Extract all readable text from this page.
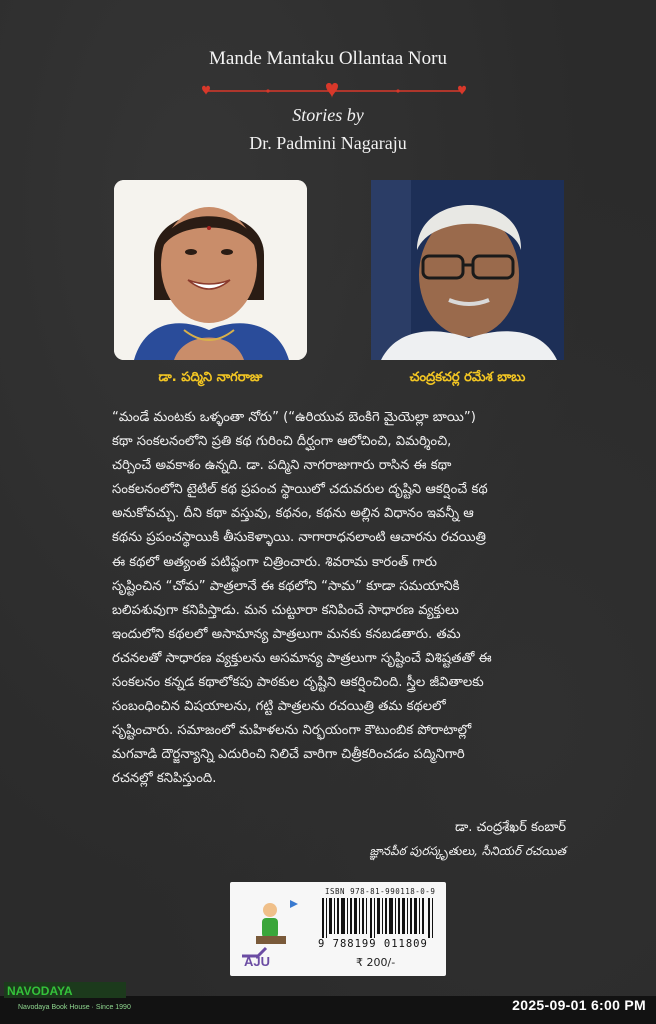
Mande Mantaku Ollantaa Noru
Stories by
Dr. Padmini Nagaraju
డా. పద్మిని నాగరాజు	చంద్రకచర్ల రమేశ బాబు
“మండే మంటకు ఒళ్ళంతా నోరు” (“ఉరియువ బెంకిగె మైయెల్లా బాయి”)
కథా సంకలనంలోని ప్రతి కథ గురించి దీర్ఘంగా ఆలోచించి, విమర్శించి,
చర్చించే అవకాశం ఉన్నది. డా. పద్మిని నాగరాజుగారు రాసిన ఈ కథా
సంకలనంలోని టైటిల్ కథ ప్రపంచ స్థాయిలో చదువరుల దృష్టిని ఆకర్షించే కథ
అనుకోవచ్చు. దీని కథా వస్తువు, కథనం, కథను అల్లిన విధానం ఇవన్నీ ఆ
కథను ప్రపంచస్థాయికి తీసుకెళ్ళాయి. నాగారాధనలాంటి ఆచారను రచయిత్రి
ఈ కథలో అత్యంత పటిష్టంగా చిత్రించారు. శివరామ కారంత్ గారు
సృష్టించిన “చోమ” పాత్రలానే ఈ కథలోని “సామ” కూడా సమయానికి
బలిపశువుగా కనిపిస్తాడు. మన చుట్టూరా కనిపించే సాధారణ వ్యక్తులు
ఇందులోని కథలలో అసామాన్య పాత్రలుగా మనకు కనబడతారు. తమ
రచనలతో సాధారణ వ్యక్తులను అసమాన్య పాత్రలుగా సృష్టించే విశిష్టతతో ఈ
సంకలనం కన్నడ కథాలోకపు పాఠకుల దృష్టిని ఆకర్షించింది. స్త్రీల జీవితాలకు
సంబంధించిన విషయాలను, గట్టి పాత్రలను రచయిత్రి తమ కథలలో
సృష్టించారు. సమాజంలో మహిళలను నిర్భయంగా కౌటుంబిక పోరాటాల్లో
మగవాడి దౌర్జన్యాన్ని ఎదురించి నిలిచే వారిగా చిత్రీకరించడం పద్మినిగారి
రచనల్లో కనిపిస్తుంది.
డా. చంద్రశేఖర్ కంబార్
జ్ఞానపీఠ పురస్కృతులు, సీనియర్ రచయిత
AJU
ISBN 978-81-990118-0-9
9 788199 011809
₹ 200/-
NAVODAYA
Navodaya Book House · Since 1990	2025-09-01 6:00 PM
